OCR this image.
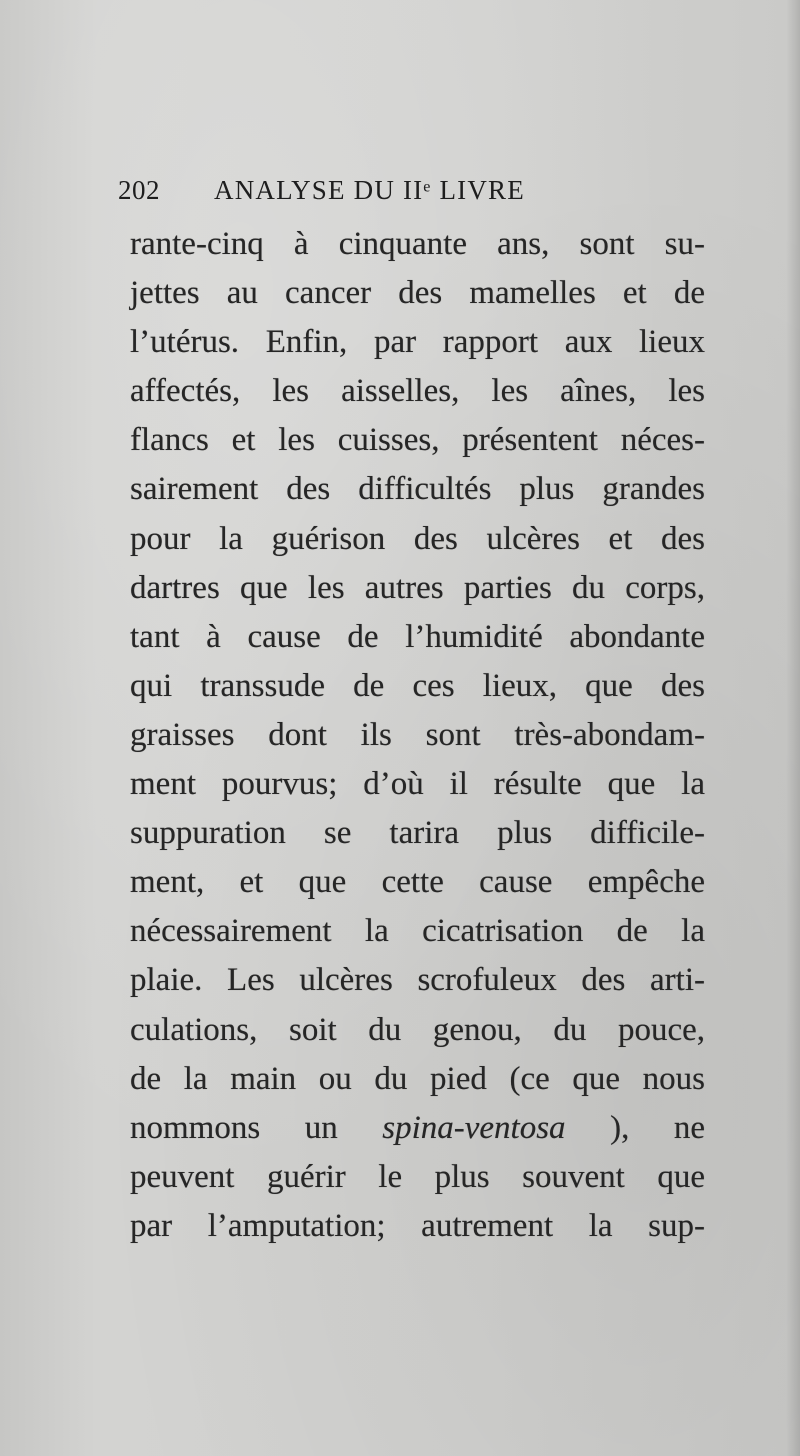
202 ANALYSE DU IIᵉ LIVRE
rante-cinq à cinquante ans, sont su-
jettes au cancer des mamelles et de
l’utérus. Enfin, par rapport aux lieux
affectés, les aisselles, les aînes, les
flancs et les cuisses, présentent néces-
sairement des difficultés plus grandes
pour la guérison des ulcères et des
dartres que les autres parties du corps,
tant à cause de l’humidité abondante
qui transsude de ces lieux, que des
graisses dont ils sont très-abondam-
ment pourvus; d’où il résulte que la
suppuration se tarira plus difficile-
ment, et que cette cause empêche
nécessairement la cicatrisation de la
plaie. Les ulcères scrofuleux des arti-
culations, soit du genou, du pouce,
de la main ou du pied (ce que nous
nommons un spina-ventosa ), ne
peuvent guérir le plus souvent que
par l’amputation; autrement la sup-
